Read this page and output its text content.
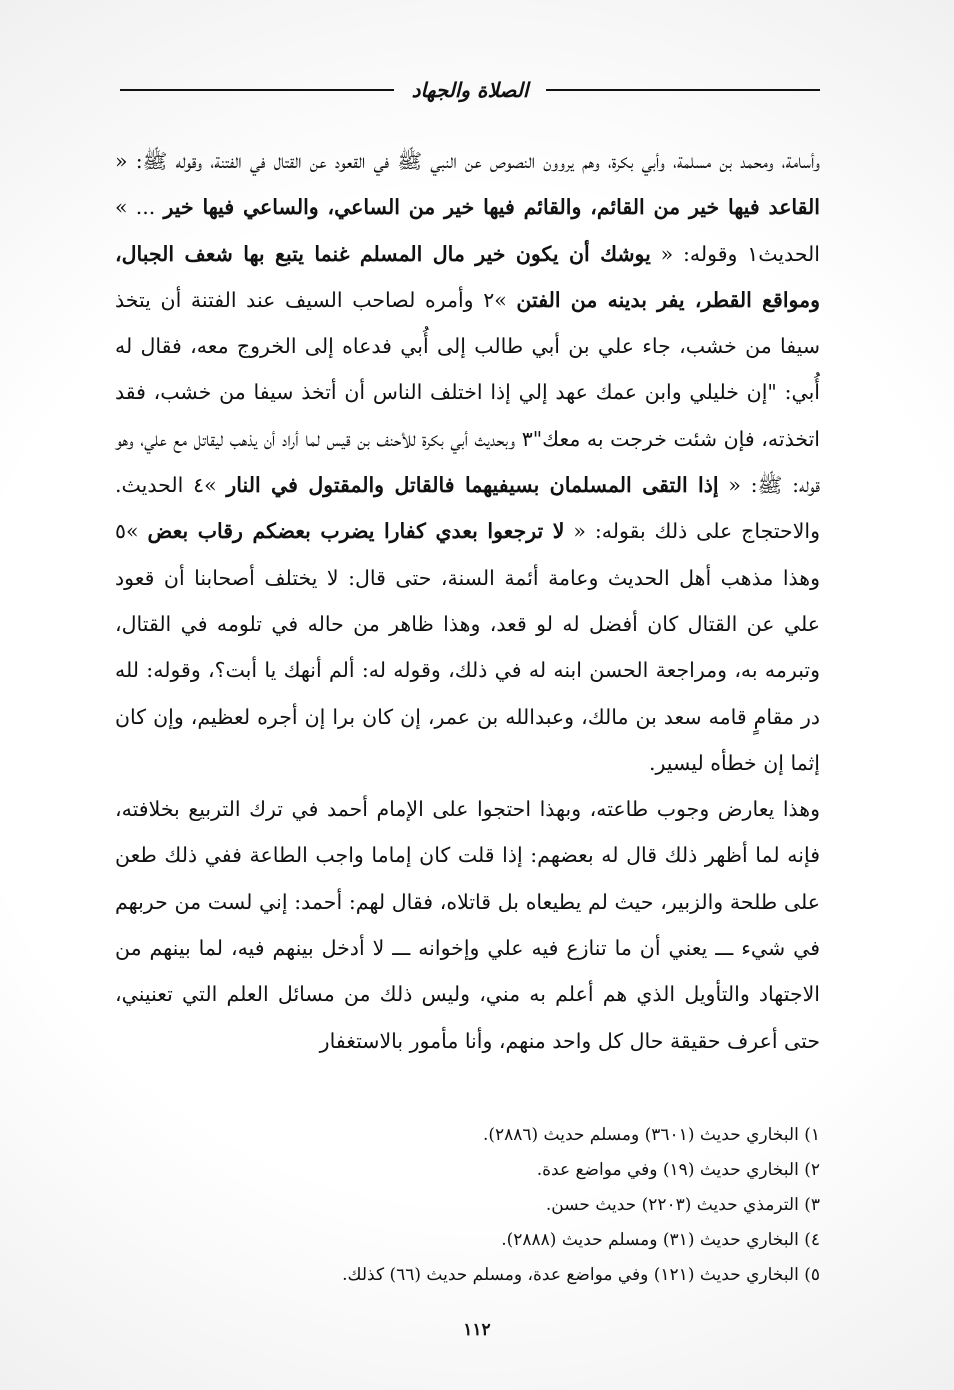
الصلاة والجهاد

وأسامة، ومحمد بن مسلمة، وأبي بكرة، وهم يروون النصوص عن النبي ﷺ في القعود عن القتال في الفتنة، وقوله ﷺ: « القاعد فيها خير من القائم، والقائم فيها خير من الساعي، والساعي فيها خير ... » الحديث١ وقوله: « يوشك أن يكون خير مال المسلم غنما يتبع بها شعف الجبال، ومواقع القطر، يفر بدينه من الفتن »٢ وأمره لصاحب السيف عند الفتنة أن يتخذ سيفا من خشب، جاء علي بن أبي طالب إلى أُبي فدعاه إلى الخروج معه، فقال له أُبي: "إن خليلي وابن عمك عهد إلي إذا اختلف الناس أن أتخذ سيفا من خشب، فقد اتخذته، فإن شئت خرجت به معك"٣ وبحديث أبي بكرة للأحنف بن قيس لما أراد أن يذهب ليقاتل مع علي، وهو قوله: ﷺ: « إذا التقى المسلمان بسيفيهما فالقاتل والمقتول في النار »٤ الحديث. والاحتجاج على ذلك بقوله: « لا ترجعوا بعدي كفارا يضرب بعضكم رقاب بعض »٥ وهذا مذهب أهل الحديث وعامة أئمة السنة، حتى قال: لا يختلف أصحابنا أن قعود علي عن القتال كان أفضل له لو قعد، وهذا ظاهر من حاله في تلومه في القتال، وتبرمه به، ومراجعة الحسن ابنه له في ذلك، وقوله له: ألم أنهك يا أبت؟، وقوله: لله در مقامٍ قامه سعد بن مالك، وعبدالله بن عمر، إن كان برا إن أجره لعظيم، وإن كان إثما إن خطأه ليسير.

وهذا يعارض وجوب طاعته، وبهذا احتجوا على الإمام أحمد في ترك التربيع بخلافته، فإنه لما أظهر ذلك قال له بعضهم: إذا قلت كان إماما واجب الطاعة ففي ذلك طعن على طلحة والزبير، حيث لم يطيعاه بل قاتلاه، فقال لهم: أحمد: إني لست من حربهم في شيء ـــ يعني أن ما تنازع فيه علي وإخوانه ـــ لا أدخل بينهم فيه، لما بينهم من الاجتهاد والتأويل الذي هم أعلم به مني، وليس ذلك من مسائل العلم التي تعنيني، حتى أعرف حقيقة حال كل واحد منهم، وأنا مأمور بالاستغفار

١) البخاري حديث (٣٦٠١) ومسلم حديث (٢٨٨٦).
٢) البخاري حديث (١٩) وفي مواضع عدة.
٣) الترمذي حديث (٢٢٠٣) حديث حسن.
٤) البخاري حديث (٣١) ومسلم حديث (٢٨٨٨).
٥) البخاري حديث (١٢١) وفي مواضع عدة، ومسلم حديث (٦٦) كذلك.
١١٢
